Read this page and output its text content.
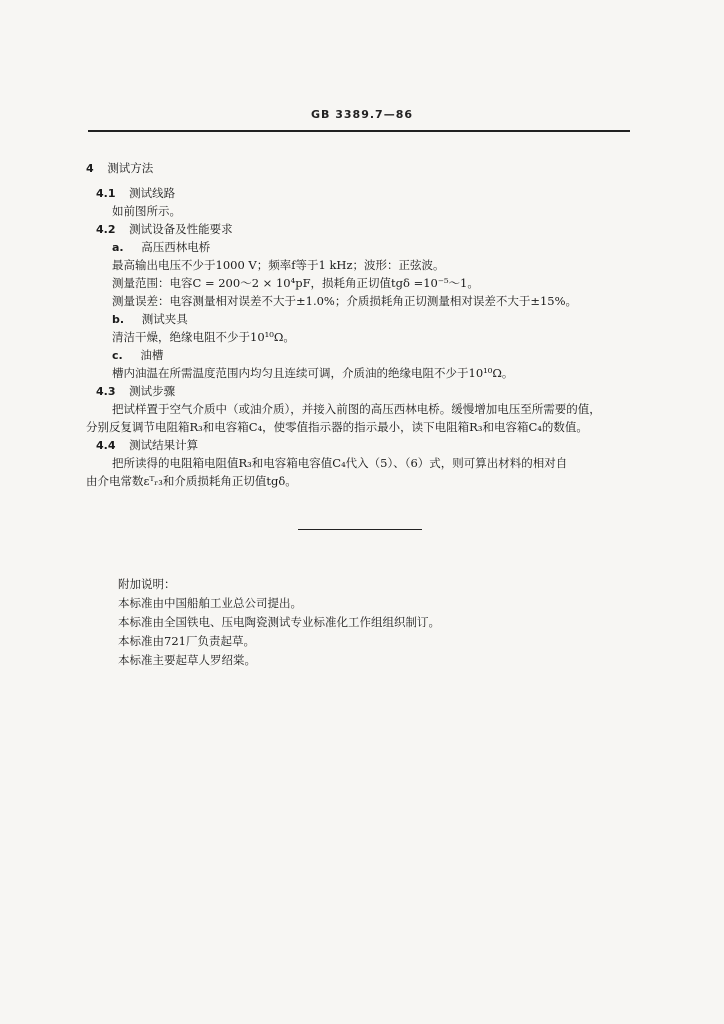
GB 3389.7—86
4 测试方法
4.1 测试线路
如前图所示。
4.2 测试设备及性能要求
a. 高压西林电桥
最高输出电压不少于1000 V；频率f等于1 kHz；波形：正弦波。
测量范围：电容C = 200～2 × 10⁴pF，损耗角正切值tgδ =10⁻⁵～1。
测量误差：电容测量相对误差不大于±1.0%；介质损耗角正切测量相对误差不大于±15%。
b. 测试夹具
清洁干燥，绝缘电阻不少于10¹⁰Ω。
c. 油槽
槽内油温在所需温度范围内均匀且连续可调，介质油的绝缘电阻不少于10¹⁰Ω。
4.3 测试步骤
把试样置于空气介质中（或油介质），并接入前图的高压西林电桥。缓慢增加电压至所需要的值，
分别反复调节电阻箱R₃和电容箱C₄，使零值指示器的指示最小，读下电阻箱R₃和电容箱C₄的数值。
4.4 测试结果计算
把所读得的电阻箱电阻值R₃和电容箱电容值C₄代入（5）、（6）式，则可算出材料的相对自
由介电常数εᵀᵣ₃和介质损耗角正切值tgδ。
附加说明：
本标准由中国船舶工业总公司提出。
本标准由全国铁电、压电陶瓷测试专业标准化工作组组织制订。
本标准由721厂负责起草。
本标准主要起草人罗绍棠。
